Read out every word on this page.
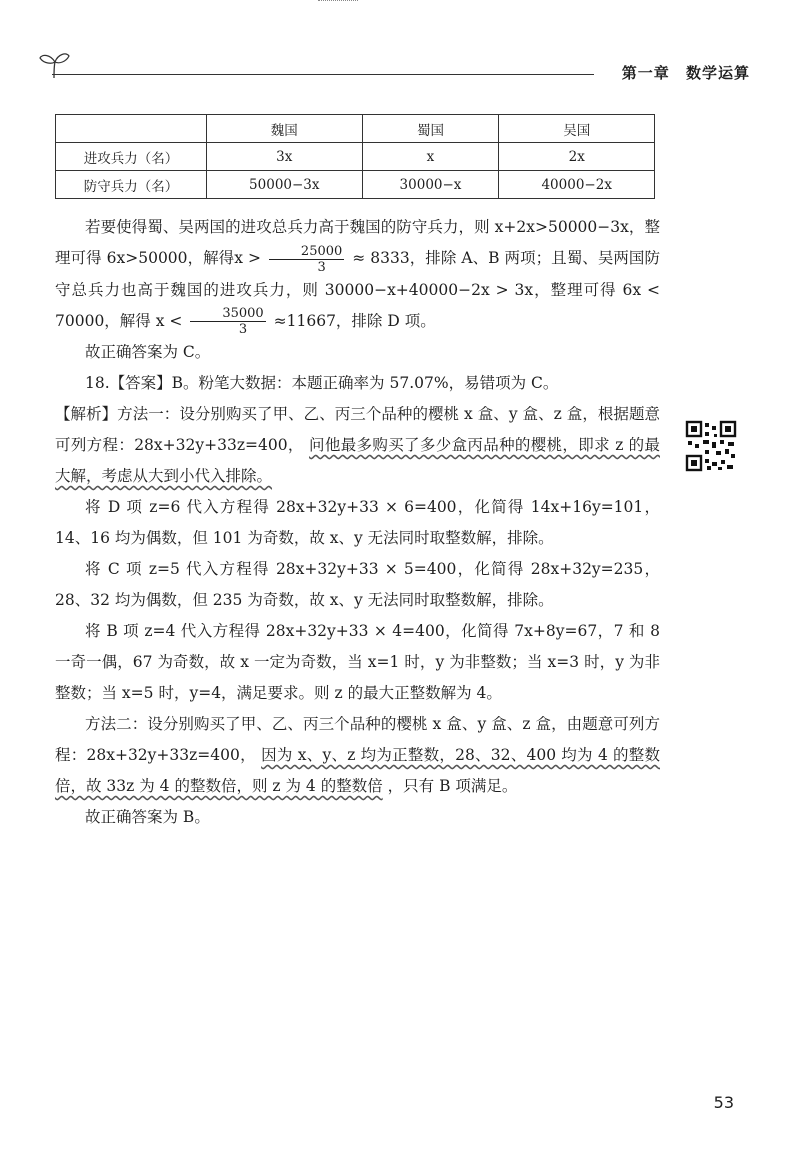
第一章 数学运算
	魏国	蜀国	吴国
进攻兵力（名）	3x	x	2x
防守兵力（名）	50000−3x	30000−x	40000−2x

若要使得蜀、吴两国的进攻总兵力高于魏国的防守兵力，则 x+2x>50000−3x，整理可得 6x>50000，解得$x > \frac{25000}{3} \approx 8333$，排除 A、B 两项；且蜀、吴两国防守总兵力也高于魏国的进攻兵力，则 30000−x+40000−2x > 3x，整理可得 6x < 70000，解得 $x < \frac{35000}{3} \approx 11667$，排除 D 项。

故正确答案为 C。

18.【答案】B。粉笔大数据：本题正确率为 57.07%，易错项为 C。

【解析】方法一：设分别购买了甲、乙、丙三个品种的樱桃 x 盒、y 盒、z 盒，根据题意可列方程：28x+32y+33z=400， 问他最多购买了多少盒丙品种的樱桃，即求 z 的最大解，考虑从大到小代入排除。

将 D 项 z=6 代入方程得 28x+32y+33 × 6=400，化简得 14x+16y=101，14、16 均为偶数，但 101 为奇数，故 x、y 无法同时取整数解，排除。

将 C 项 z=5 代入方程得 28x+32y+33 × 5=400，化简得 28x+32y=235，28、32 均为偶数，但 235 为奇数，故 x、y 无法同时取整数解，排除。

将 B 项 z=4 代入方程得 28x+32y+33 × 4=400，化简得 7x+8y=67，7 和 8 一奇一偶，67 为奇数，故 x 一定为奇数，当 x=1 时，y 为非整数；当 x=3 时，y 为非整数；当 x=5 时，y=4，满足要求。则 z 的最大正整数解为 4。

方法二：设分别购买了甲、乙、丙三个品种的樱桃 x 盒、y 盒、z 盒，由题意可列方程：28x+32y+33z=400， 因为 x、y、z 均为正整数，28、32、400 均为 4 的整数倍，故 33z 为 4 的整数倍，则 z 为 4 的整数倍 ，只有 B 项满足。

故正确答案为 B。

53
